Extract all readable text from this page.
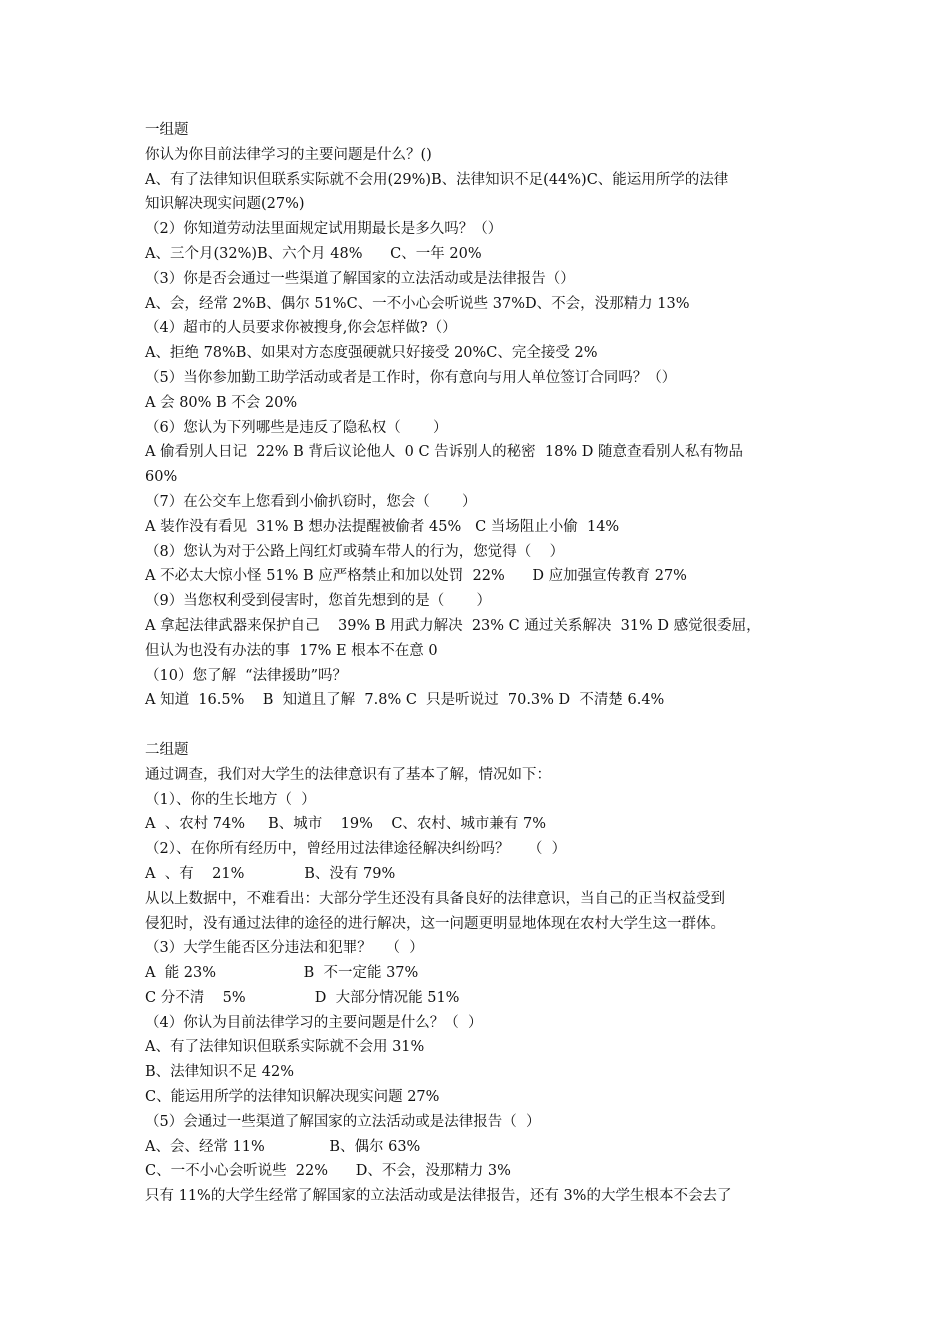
一组题
你认为你目前法律学习的主要问题是什么？()
A、有了法律知识但联系实际就不会用(29%)B、法律知识不足(44%)C、能运用所学的法律
知识解决现实问题(27%)
（2）你知道劳动法里面规定试用期最长是多久吗？（）
A、三个月(32%)B、六个月 48%      C、一年 20%
（3）你是否会通过一些渠道了解国家的立法活动或是法律报告（）
A、会，经常 2%B、偶尔 51%C、一不小心会听说些 37%D、不会，没那精力 13%
（4）超市的人员要求你被搜身,你会怎样做?（）
A、拒绝 78%B、如果对方态度强硬就只好接受 20%C、完全接受 2%
（5）当你参加勤工助学活动或者是工作时，你有意向与用人单位签订合同吗？（）
A 会 80% B 不会 20%
（6）您认为下列哪些是违反了隐私权（       ）
A 偷看别人日记  22% B 背后议论他人  0 C 告诉别人的秘密  18% D 随意查看别人私有物品
60%
（7）在公交车上您看到小偷扒窃时，您会（       ）
A 装作没有看见  31% B 想办法提醒被偷者 45%   C 当场阻止小偷  14%
（8）您认为对于公路上闯红灯或骑车带人的行为，您觉得（    ）
A 不必太大惊小怪 51% B 应严格禁止和加以处罚  22%      D 应加强宣传教育 27%
（9）当您权利受到侵害时，您首先想到的是（       ）
A 拿起法律武器来保护自己    39% B 用武力解决  23% C 通过关系解决  31% D 感觉很委屈，
但认为也没有办法的事  17% E 根本不在意 0
（10）您了解  “法律援助”吗？
A 知道  16.5%    B  知道且了解  7.8% C  只是听说过  70.3% D  不清楚 6.4%
二组题
通过调查，我们对大学生的法律意识有了基本了解，情况如下：
（1）、你的生长地方（  ）
A  、农村 74%     B、城市    19%    C、农村、城市兼有 7%
（2）、在你所有经历中，曾经用过法律途径解决纠纷吗？    （  ）
A  、有    21%             B、没有 79%
从以上数据中，不难看出：大部分学生还没有具备良好的法律意识，当自己的正当权益受到
侵犯时，没有通过法律的途径的进行解决，这一问题更明显地体现在农村大学生这一群体。
（3）大学生能否区分违法和犯罪？   （  ）
A  能 23%                   B  不一定能 37%
C 分不清    5%               D  大部分情况能 51%
（4）你认为目前法律学习的主要问题是什么？（  ）
A、有了法律知识但联系实际就不会用 31%
B、法律知识不足 42%
C、能运用所学的法律知识解决现实问题 27%
（5）会通过一些渠道了解国家的立法活动或是法律报告（  ）
A、会、经常 11%              B、偶尔 63%
C、一不小心会听说些  22%      D、不会，没那精力 3%
只有 11%的大学生经常了解国家的立法活动或是法律报告，还有 3%的大学生根本不会去了
